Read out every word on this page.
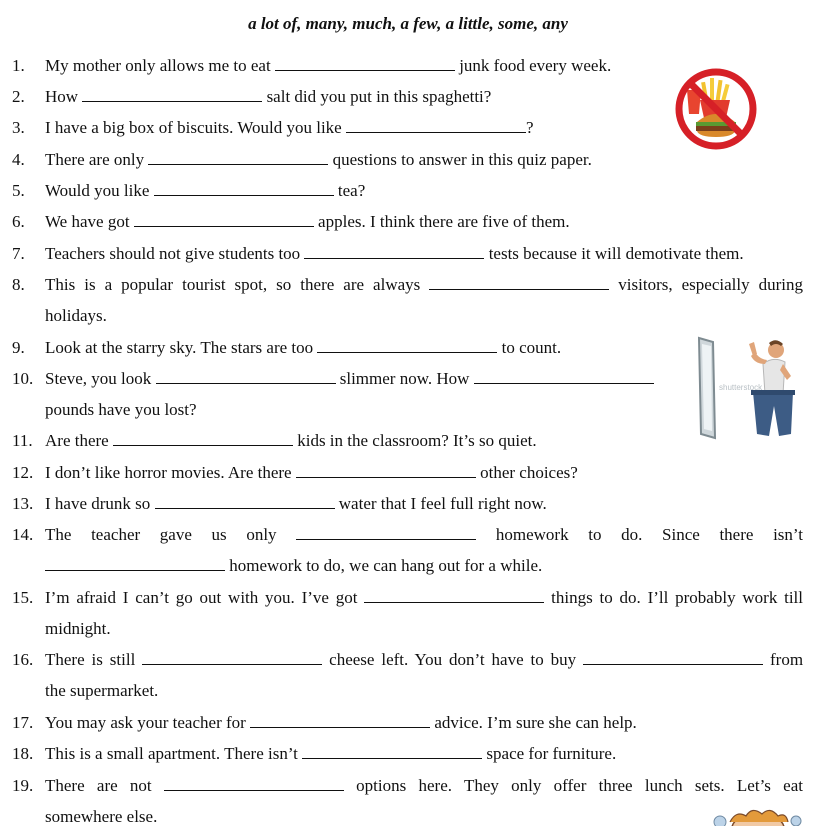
a lot of, many, much, a few, a little, some, any
1. My mother only allows me to eat	junk food every week.
2. How	salt did you put in this spaghetti?
3. I have a big box of biscuits. Would you like	?
4. There are only	questions to answer in this quiz paper.
5. Would you like	tea?
6. We have got	apples. I think there are five of them.
7. Teachers should not give students too	tests because it will demotivate them.
8. This is a popular tourist spot, so there are always	visitors, especially during
holidays.
9. Look at the starry sky. The stars are too	to count.
10. Steve, you look	slimmer now. How
pounds have you lost?
11. Are there	kids in the classroom? It’s so quiet.
12. I don’t like horror movies. Are there	other choices?
13. I have drunk so	water that I feel full right now.
14. The teacher gave us only	homework to do. Since there isn’t
homework to do, we can hang out for a while.
15. I’m afraid I can’t go out with you. I’ve got	things to do. I’ll probably work till
midnight.
16. There is still	cheese left. You don’t have to buy	from
the supermarket.
17. You may ask your teacher for	advice. I’m sure she can help.
18. This is a small apartment. There isn’t	space for furniture.
19. There are not	options here. They only offer three lunch sets. Let’s eat
somewhere else.
shutterstock
